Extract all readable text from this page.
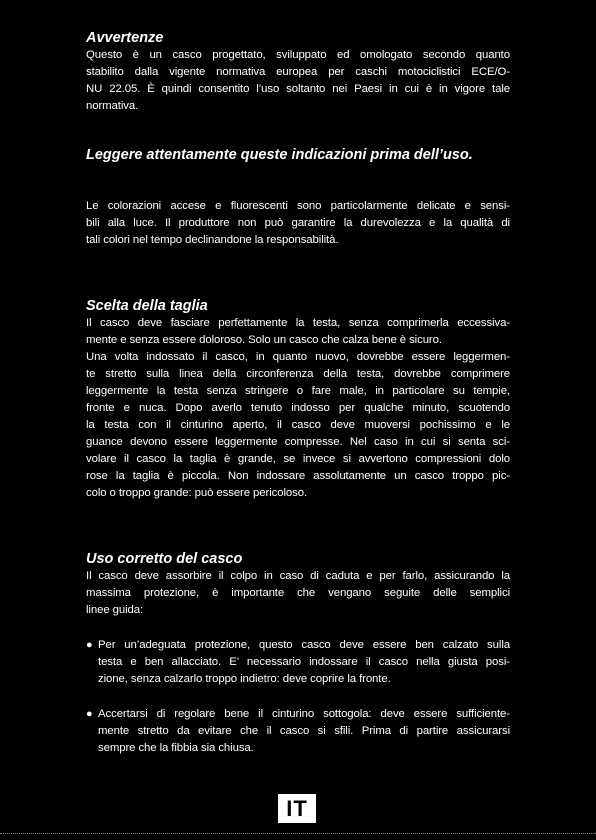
Avvertenze
Questo è un casco progettato, sviluppato ed omologato secondo quanto
stabilito dalla vigente normativa europea per caschi motociclistici ECE/O-
NU 22.05. È quindi consentito l’uso soltanto nei Paesi in cui è in vigore tale
normativa.
Leggere attentamente queste indicazioni prima dell’uso.
Le colorazioni accese e fluorescenti sono particolarmente delicate e sensi-
bili alla luce. Il produttore non può garantire la durevolezza e la qualità di
tali colori nel tempo declinandone la responsabilità.
Scelta della taglia
Il casco deve fasciare perfettamente la testa, senza comprimerla eccessiva-
mente e senza essere doloroso. Solo un casco che calza bene è sicuro.
Una volta indossato il casco, in quanto nuovo, dovrebbe essere leggermen-
te stretto sulla linea della circonferenza della testa, dovrebbe comprimere
leggermente la testa senza stringere o fare male, in particolare su tempie,
fronte e nuca. Dopo averlo tenuto indosso per qualche minuto, scuotendo
la testa con il cinturino aperto, il casco deve muoversi pochissimo e le
guance devono essere leggermente compresse. Nel caso in cui si senta sci-
volare il casco la taglia è grande, se invece si avvertono compressioni dolo
rose la taglia è piccola. Non indossare assolutamente un casco troppo pic-
colo o troppo grande: può essere pericoloso.
Uso corretto del casco
Il casco deve assorbire il colpo in caso di caduta e per farlo, assicurando la
massima protezione, è importante che vengano seguite delle semplici
linee guida:
● Per un’adeguata protezione, questo casco deve essere ben calzato sulla
testa e ben allacciato. E’ necessario indossare il casco nella giusta posi-
zione, senza calzarlo troppo indietro: deve coprire la fronte.
● Accertarsi di regolare bene il cinturino sottogola: deve essere sufficiente-
mente stretto da evitare che il casco si sfili. Prima di partire assicurarsi
sempre che la fibbia sia chiusa.
IT
